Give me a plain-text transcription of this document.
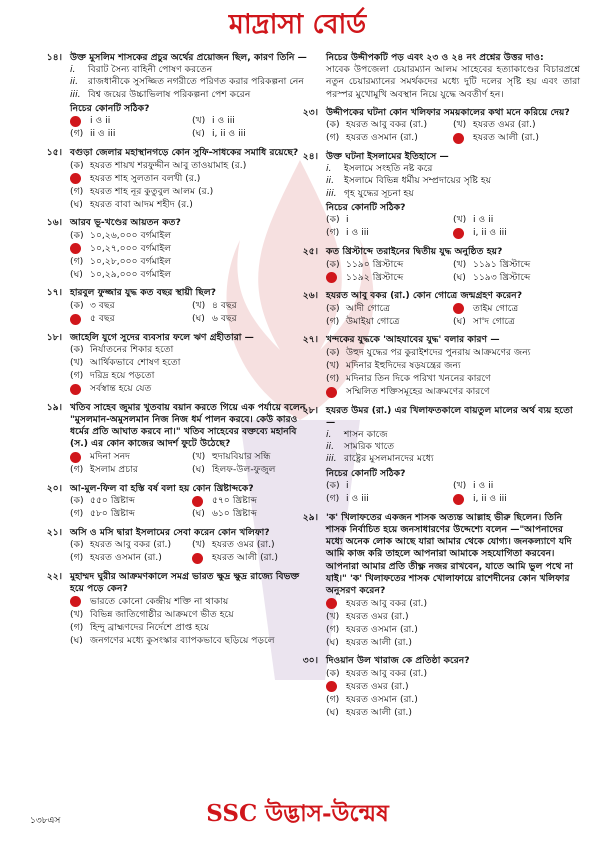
মাদ্রাসা বোর্ড
১৪। উক্ত মুসলিম শাসকের প্রচুর অর্থের প্রয়োজন ছিল, কারণ তিনি —
i.	বিরাট সৈন্য বাহিনী পোষণ করতেন
ii.	রাজধানীকে সুসজ্জিত নগরীতে পরিণত করার পরিকল্পনা নেন
iii. বিশ্ব জয়ের উচ্চাভিলাষ পরিকল্পনা পেশ করেন
নিচের কোনটি সঠিক?
i ও ii	(খ) i ও iii
(গ) ii ও iii	(ঘ) i, ii ও iii
১৫। বগুড়া জেলার মহাস্থানগড়ে কোন সুফি-সাধকের সমাধি রয়েছে?
(ক) হযরত শায়খ শরফুদ্দীন আবু তাওয়ামাহ (র.)
হযরত শাহ সুলতান বলখী (র.)
(গ) হযরত শাহ নূর কুতুবুল আলম (র.)
(ঘ) হযরত বাবা আদম শহীদ (র.)
১৬। আরব ভূ-খণ্ডের আয়তন কত?
(ক) ১০,২৬,০০০ বর্গমাইল
১০,২৭,০০০ বর্গমাইল
(গ) ১০,২৮,০০০ বর্গমাইল
(ঘ) ১০,২৯,০০০ বর্গমাইল
১৭। হারবুল ফুজ্জার যুদ্ধ কত বছর স্থায়ী ছিল?
(ক) ৩ বছর	(খ) ৪ বছর
৫ বছর	(ঘ) ৬ বছর
১৮। জাহেলি যুগে সুদের ব্যবসার ফলে ঋণ গ্রহীতারা —
(ক) নির্যাতনের শিকার হতো
(খ) আর্থিকভাবে শোষণ হতো
(গ) দরিদ্র হয়ে পড়তো
সর্বস্বান্ত হয়ে যেত
১৯। খতিব সাহেব জুমার খুতবায় বয়ান করতে গিয়ে এক পর্যায়ে বলেন "মুসলমান-অমুসলমান নিজ নিজ ধর্ম পালন করবে। কেউ কারও ধর্মের প্রতি আঘাত করবে না।" খতিব সাহেবের বক্তব্যে মহানবি (স.) এর কোন কাজের আদর্শ ফুটে উঠেছে?
মদিনা সনদ	(খ) হুদায়বিয়ার সন্ধি
(গ) ইসলাম প্রচার	(ঘ) হিলফ-উল-ফুজুল
২০। আ-মুল-ফিল বা হস্তি বর্ষ বলা হয় কোন খ্রিষ্টাব্দকে?
(ক) ৫৫০ খ্রিষ্টাব্দ	৫৭০ খ্রিষ্টাব্দ
(গ) ৫৮০ খ্রিষ্টাব্দ	(ঘ) ৬১০ খ্রিষ্টাব্দ
২১। অসি ও মসি দ্বারা ইসলামের সেবা করেন কোন খলিফা?
(ক) হযরত আবু বকর (রা.) (খ) হযরত ওমর (রা.)
(গ) হযরত ওসমান (রা.)	হযরত আলী (রা.)
২২। মুহাম্মদ ঘুরীর আক্রমণকালে সমগ্র ভারত ক্ষুদ্র ক্ষুদ্র রাজ্যে বিভক্ত হয়ে পড়ে কেন?
ভারতে কোনো কেন্দ্রীয় শক্তি না থাকায়
(খ) বিভিন্ন জাতিগোষ্ঠীর আক্রমণে ভীত হয়ে
(গ) হিন্দু ব্রাহ্মণদের নির্দেশে প্রাপ্ত হয়ে
(ঘ) জনগণের মধ্যে কুসংস্কার ব্যাপকভাবে ছড়িয়ে পড়লে
নিচের উদ্দীপকটি পড় এবং ২৩ ও ২৪ নং প্রশ্নের উত্তর দাও:
সাবেক উপজেলা চেয়ারম্যান আলম সাহেবের হত্যাকাণ্ডের বিচারপ্রশ্নে নতুন চেয়ারম্যানের সমর্থকদের মধ্যে দুটি দলের সৃষ্টি হয় এবং তারা পরস্পর মুখোমুখি অবস্থান নিয়ে যুদ্ধে অবতীর্ণ হন।
২৩। উদ্দীপকের ঘটনা কোন খলিফার সময়কালের কথা মনে করিয়ে দেয়?
(ক) হযরত আবু বকর (রা.)	(খ) হযরত ওমর (রা.)
(গ) হযরত ওসমান (রা.)	হযরত আলী (রা.)
২৪। উক্ত ঘটনা ইসলামের ইতিহাসে —
i.	ইসলামে সংহতি নষ্ট করে
ii.	ইসলামে বিভিন্ন ধর্মীয় সম্প্রদায়ের সৃষ্টি হয়
iii. গৃহ যুদ্ধের সূচনা হয়
নিচের কোনটি সঠিক?
(ক) i	(খ) i ও ii
(গ) i ও iii	i, ii ও iii
২৫। কত খ্রিস্টাব্দে তরাইনের দ্বিতীয় যুদ্ধ অনুষ্ঠিত হয়?
(ক) ১১৯০ খ্রিস্টাব্দে	(খ) ১১৯১ খ্রিস্টাব্দে
১১৯২ খ্রিস্টাব্দে	(ঘ) ১১৯৩ খ্রিস্টাব্দে
২৬। হযরত আবু বকর (রা.) কোন গোত্রে জন্মগ্রহণ করেন?
(ক) আদী গোত্রে	তাইম গোত্রে
(গ) উমাইয়া গোত্রে	(ঘ) সা'দ গোত্রে
২৭। খন্দকের যুদ্ধকে 'আহযাবের যুদ্ধ' বলার কারণ —
(ক) উহুদ যুদ্ধের পর কুরাইশদের পুনরায় আক্রমণের জন্য
(খ) মদিনার ইহুদিদের ষড়যন্ত্রের জন্য
(গ) মদিনার তিন দিকে পরিখা খননের কারণে
সম্মিলিত শক্তিসমূহের আক্রমণের কারণে
২৮। হযরত উমর (রা.) এর খিলাফতকালে বায়তুল মালের অর্থ ব্যয় হতো —
i.	শাসন কাজে
ii.	সামরিক খাতে
iii. রাষ্ট্রের মুসলমানদের মধ্যে
নিচের কোনটি সঠিক?
(ক) i	(খ) i ও ii
(গ) i ও iii	i, ii ও iii
২৯। 'ক' খিলাফতের একজন শাসক অত্যন্ত আল্লাহ ভীরু ছিলেন। তিনি শাসক নির্বাচিত হয়ে জনসাধারণের উদ্দেশ্যে বলেন —"আপনাদের মধ্যে অনেক লোক আছে যারা আমার থেকে যোগ্য। জনকল্যাণে যদি আমি কাজ করি তাহলে আপনারা আমাকে সহযোগিতা করবেন। আপনারা আমার প্রতি তীক্ষ্ণ নজর রাখবেন, যাতে আমি ভুল পথে না যাই।" 'ক' খিলাফতের শাসক খোলাফায়ে রাশেদীনের কোন খলিফার অনুসরণ করেন?
হযরত আবু বকর (রা.)
(খ) হযরত ওমর (রা.)
(গ) হযরত ওসমান (রা.)
(ঘ) হযরত আলী (রা.)
৩০। দিওয়ান উল খারাজ কে প্রতিষ্ঠা করেন?
(ক) হযরত আবু বকর (রা.)
হযরত ওমর (রা.)
(গ) হযরত ওসমান (রা.)
(ঘ) হযরত আলী (রা.)
SSC উদ্ভাস-উন্মেষ
১৩৮এস
